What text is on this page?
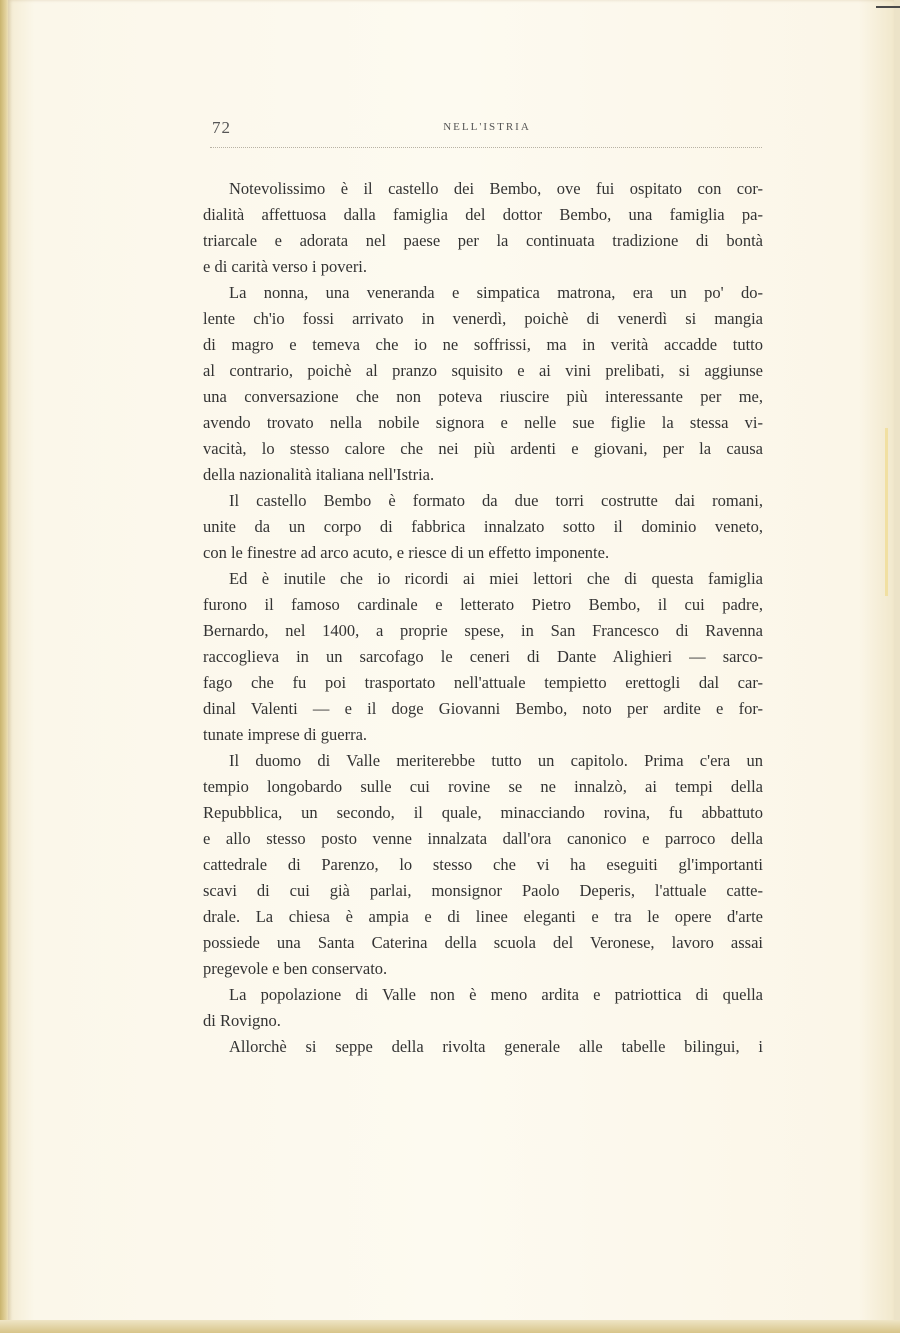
72	NELL'ISTRIA
Notevolissimo è il castello dei Bembo, ove fui ospitato con cor-
dialità affettuosa dalla famiglia del dottor Bembo, una famiglia pa-
triarcale e adorata nel paese per la continuata tradizione di bontà
e di carità verso i poveri.
La nonna, una veneranda e simpatica matrona, era un po' do-
lente ch'io fossi arrivato in venerdì, poichè di venerdì si mangia
di magro e temeva che io ne soffrissi, ma in verità accadde tutto
al contrario, poichè al pranzo squisito e ai vini prelibati, si aggiunse
una conversazione che non poteva riuscire più interessante per me,
avendo trovato nella nobile signora e nelle sue figlie la stessa vi-
vacità, lo stesso calore che nei più ardenti e giovani, per la causa
della nazionalità italiana nell'Istria.
Il castello Bembo è formato da due torri costrutte dai romani,
unite da un corpo di fabbrica innalzato sotto il dominio veneto,
con le finestre ad arco acuto, e riesce di un effetto imponente.
Ed è inutile che io ricordi ai miei lettori che di questa famiglia
furono il famoso cardinale e letterato Pietro Bembo, il cui padre,
Bernardo, nel 1400, a proprie spese, in San Francesco di Ravenna
raccoglieva in un sarcofago le ceneri di Dante Alighieri — sarco-
fago che fu poi trasportato nell'attuale tempietto erettogli dal car-
dinal Valenti — e il doge Giovanni Bembo, noto per ardite e for-
tunate imprese di guerra.
Il duomo di Valle meriterebbe tutto un capitolo. Prima c'era un
tempio longobardo sulle cui rovine se ne innalzò, ai tempi della
Repubblica, un secondo, il quale, minacciando rovina, fu abbattuto
e allo stesso posto venne innalzata dall'ora canonico e parroco della
cattedrale di Parenzo, lo stesso che vi ha eseguiti gl'importanti
scavi di cui già parlai, monsignor Paolo Deperis, l'attuale catte-
drale. La chiesa è ampia e di linee eleganti e tra le opere d'arte
possiede una Santa Caterina della scuola del Veronese, lavoro assai
pregevole e ben conservato.
La popolazione di Valle non è meno ardita e patriottica di quella
di Rovigno.
Allorchè si seppe della rivolta generale alle tabelle bilingui, i
